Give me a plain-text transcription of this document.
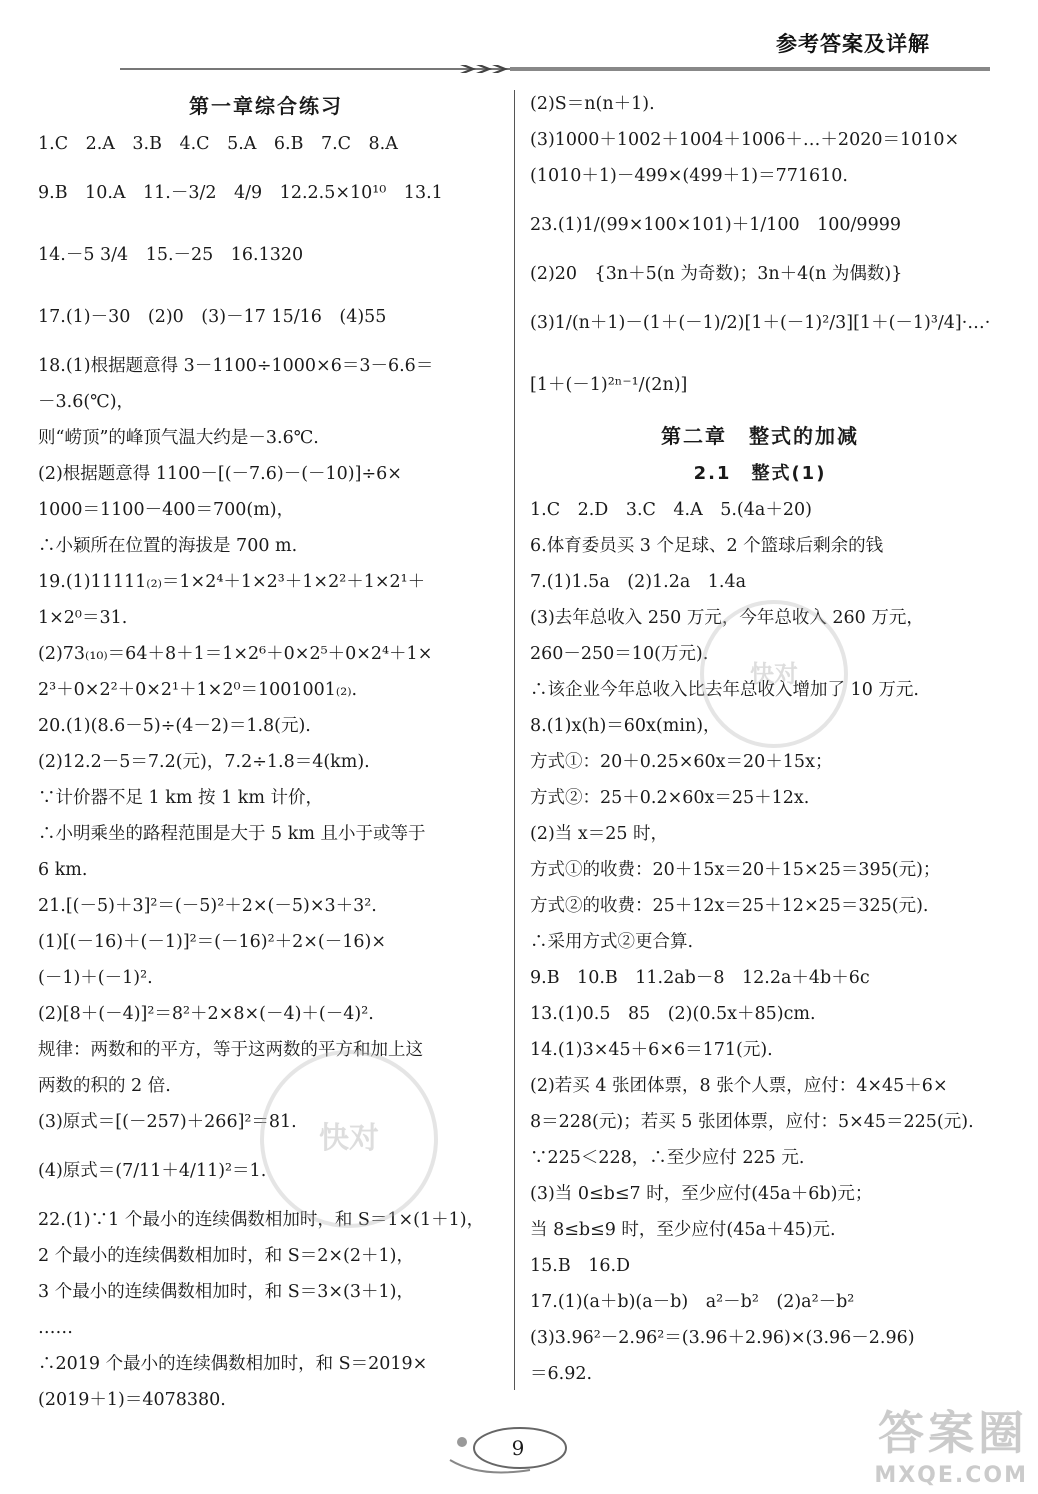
参考答案及详解
第一章综合练习
1.C　2.A　3.B　4.C　5.A　6.B　7.C　8.A
9.B　10.A　11.－3/2　4/9　12.2.5×10¹⁰　13.1
14.－5 3/4　15.－25　16.1320
17.(1)－30　(2)0　(3)－17 15/16　(4)55
18.(1)根据题意得 3－1100÷1000×6＝3－6.6＝
－3.6(℃)，
则“崂顶”的峰顶气温大约是－3.6℃.
(2)根据题意得 1100－[(－7.6)－(－10)]÷6×
1000＝1100－400＝700(m)，
∴小颖所在位置的海拔是 700 m.
19.(1)11111₍₂₎＝1×2⁴＋1×2³＋1×2²＋1×2¹＋
1×2⁰＝31.
(2)73₍₁₀₎＝64＋8＋1＝1×2⁶＋0×2⁵＋0×2⁴＋1×
2³＋0×2²＋0×2¹＋1×2⁰＝1001001₍₂₎.
20.(1)(8.6－5)÷(4－2)＝1.8(元).
(2)12.2－5＝7.2(元)，7.2÷1.8＝4(km).
∵计价器不足 1 km 按 1 km 计价，
∴小明乘坐的路程范围是大于 5 km 且小于或等于
6 km.
21.[(－5)＋3]²＝(－5)²＋2×(－5)×3＋3².
(1)[(－16)＋(－1)]²＝(－16)²＋2×(－16)×
(－1)＋(－1)².
(2)[8＋(－4)]²＝8²＋2×8×(－4)＋(－4)².
规律：两数和的平方，等于这两数的平方和加上这
两数的积的 2 倍.
(3)原式＝[(－257)＋266]²＝81.
(4)原式＝(7/11＋4/11)²＝1.
22.(1)∵1 个最小的连续偶数相加时，和 S＝1×(1＋1)，
2 个最小的连续偶数相加时，和 S＝2×(2＋1)，
3 个最小的连续偶数相加时，和 S＝3×(3＋1)，
……
∴2019 个最小的连续偶数相加时，和 S＝2019×
(2019＋1)＝4078380.
(2)S＝n(n＋1).
(3)1000＋1002＋1004＋1006＋…＋2020＝1010×
(1010＋1)－499×(499＋1)＝771610.
23.(1)1/(99×100×101)＋1/100　100/9999
(2)20　{3n＋5(n 为奇数)；3n＋4(n 为偶数)}
(3)1/(n＋1)－(1＋(－1)/2)[1＋(－1)²/3][1＋(－1)³/4]·…·
[1＋(－1)²ⁿ⁻¹/(2n)]
第二章　整式的加减
2.1　整式(1)
1.C　2.D　3.C　4.A　5.(4a＋20)
6.体育委员买 3 个足球、2 个篮球后剩余的钱
7.(1)1.5a　(2)1.2a　1.4a
(3)去年总收入 250 万元，今年总收入 260 万元，
260－250＝10(万元).
∴该企业今年总收入比去年总收入增加了 10 万元.
8.(1)x(h)＝60x(min)，
方式①：20＋0.25×60x＝20＋15x；
方式②：25＋0.2×60x＝25＋12x.
(2)当 x＝25 时，
方式①的收费：20＋15x＝20＋15×25＝395(元)；
方式②的收费：25＋12x＝25＋12×25＝325(元).
∴采用方式②更合算.
9.B　10.B　11.2ab－8　12.2a＋4b＋6c
13.(1)0.5　85　(2)(0.5x＋85)cm.
14.(1)3×45＋6×6＝171(元).
(2)若买 4 张团体票，8 张个人票，应付：4×45＋6×
8＝228(元)；若买 5 张团体票，应付：5×45＝225(元).
∵225＜228，∴至少应付 225 元.
(3)当 0≤b≤7 时，至少应付(45a＋6b)元；
当 8≤b≤9 时，至少应付(45a＋45)元.
15.B　16.D
17.(1)(a＋b)(a－b)　a²－b²　(2)a²－b²
(3)3.96²－2.96²＝(3.96＋2.96)×(3.96－2.96)
＝6.92.
快对
快对
9	答案圈
MXQE.COM
